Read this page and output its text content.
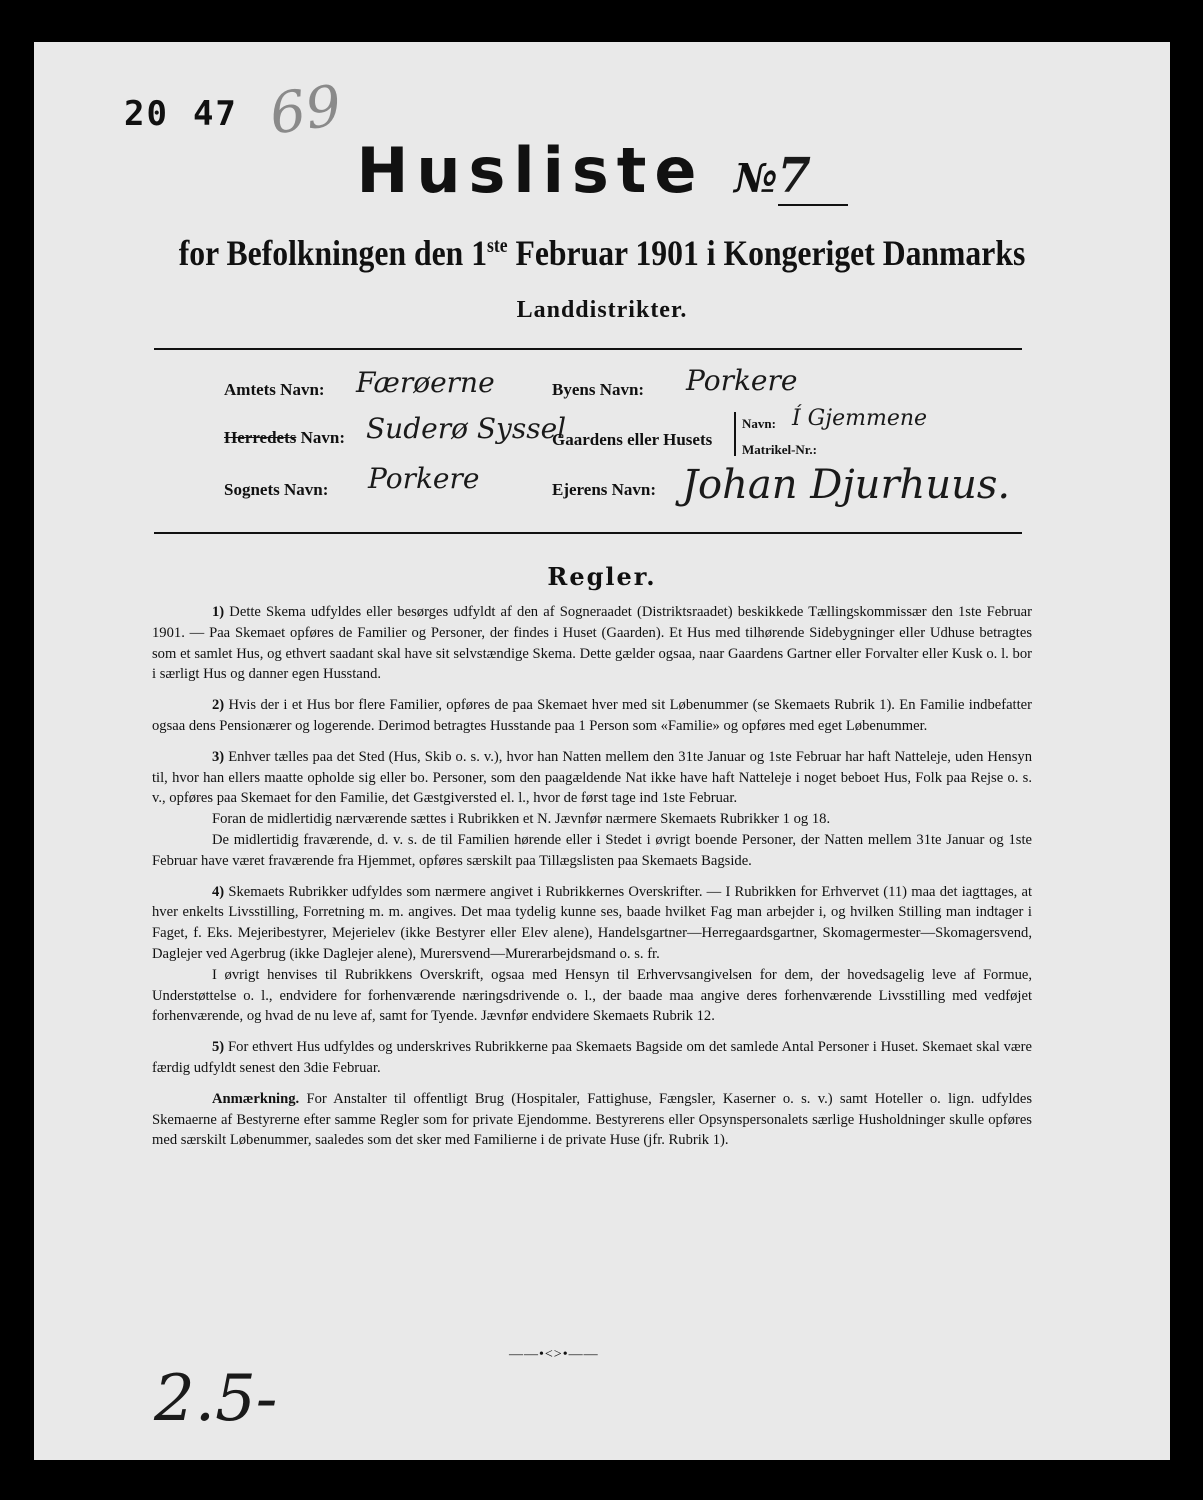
20 47 69
Husliste №7
for Befolkningen den 1ste Februar 1901 i Kongeriget Danmarks
Landdistrikter.
Amtets Navn: Færøerne
Herredets Navn: Suderø Syssel
Sognets Navn: Porkere
Byens Navn: Porkere
Gaardens eller Husets
Navn: Í Gjemmene
Matrikel-Nr.:
Ejerens Navn: Johan Djurhuus.
Regler.

1) Dette Skema udfyldes eller besørges udfyldt af den af Sogneraadet (Distriktsraadet) beskikkede Tællingskommissær den 1ste Februar 1901. — Paa Skemaet opføres de Familier og Personer, der findes i Huset (Gaarden). Et Hus med tilhørende Sidebygninger eller Udhuse betragtes som et samlet Hus, og ethvert saadant skal have sit selvstændige Skema. Dette gælder ogsaa, naar Gaardens Gartner eller Forvalter eller Kusk o. l. bor i særligt Hus og danner egen Husstand.

2) Hvis der i et Hus bor flere Familier, opføres de paa Skemaet hver med sit Løbenummer (se Skemaets Rubrik 1). En Familie indbefatter ogsaa dens Pensionærer og logerende. Derimod betragtes Husstande paa 1 Person som «Familie» og opføres med eget Løbenummer.

3) Enhver tælles paa det Sted (Hus, Skib o. s. v.), hvor han Natten mellem den 31te Januar og 1ste Februar har haft Natteleje, uden Hensyn til, hvor han ellers maatte opholde sig eller bo. Personer, som den paagældende Nat ikke have haft Natteleje i noget beboet Hus, Folk paa Rejse o. s. v., opføres paa Skemaet for den Familie, det Gæstgiversted el. l., hvor de først tage ind 1ste Februar.

Foran de midlertidig nærværende sættes i Rubrikken et N. Jævnfør nærmere Skemaets Rubrikker 1 og 18.

De midlertidig fraværende, d. v. s. de til Familien hørende eller i Stedet i øvrigt boende Personer, der Natten mellem 31te Januar og 1ste Februar have været fraværende fra Hjemmet, opføres særskilt paa Tillægslisten paa Skemaets Bagside.

4) Skemaets Rubrikker udfyldes som nærmere angivet i Rubrikkernes Overskrifter. — I Rubrikken for Erhvervet (11) maa det iagttages, at hver enkelts Livsstilling, Forretning m. m. angives. Det maa tydelig kunne ses, baade hvilket Fag man arbejder i, og hvilken Stilling man indtager i Faget, f. Eks. Mejeribestyrer, Mejerielev (ikke Bestyrer eller Elev alene), Handelsgartner—Herregaardsgartner, Skomagermester—Skomagersvend, Daglejer ved Agerbrug (ikke Daglejer alene), Murersvend—Murerarbejdsmand o. s. fr.

I øvrigt henvises til Rubrikkens Overskrift, ogsaa med Hensyn til Erhvervsangivelsen for dem, der hovedsagelig leve af Formue, Understøttelse o. l., endvidere for forhenværende næringsdrivende o. l., der baade maa angive deres forhenværende Livsstilling med vedføjet forhenværende, og hvad de nu leve af, samt for Tyende. Jævnfør endvidere Skemaets Rubrik 12.

5) For ethvert Hus udfyldes og underskrives Rubrikkerne paa Skemaets Bagside om det samlede Antal Personer i Huset. Skemaet skal være færdig udfyldt senest den 3die Februar.

Anmærkning. For Anstalter til offentligt Brug (Hospitaler, Fattighuse, Fængsler, Kaserner o. s. v.) samt Hoteller o. lign. udfyldes Skemaerne af Bestyrerne efter samme Regler som for private Ejendomme. Bestyrerens eller Opsynspersonalets særlige Husholdninger skulle opføres med særskilt Løbenummer, saaledes som det sker med Familierne i de private Huse (jfr. Rubrik 1).

——•<>•——
2.5-
